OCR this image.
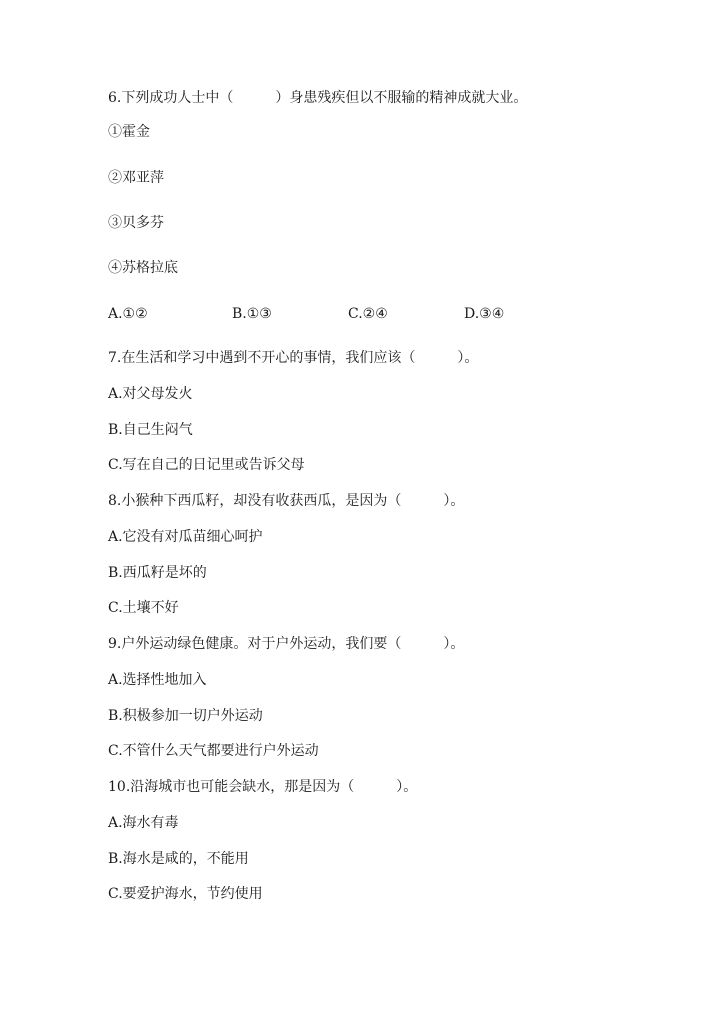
6.下列成功人士中（　　　）身患残疾但以不服输的精神成就大业。

①霍金

②邓亚萍

③贝多芬

④苏格拉底

A.①②	B.①③	C.②④	D.③④

7.在生活和学习中遇到不开心的事情，我们应该（　　　）。

A.对父母发火

B.自己生闷气

C.写在自己的日记里或告诉父母

8.小猴种下西瓜籽，却没有收获西瓜，是因为（　　　）。

A.它没有对瓜苗细心呵护

B.西瓜籽是坏的

C.土壤不好

9.户外运动绿色健康。对于户外运动，我们要（　　　）。

A.选择性地加入

B.积极参加一切户外运动

C.不管什么天气都要进行户外运动

10.沿海城市也可能会缺水，那是因为（　　　）。

A.海水有毒

B.海水是咸的，不能用

C.要爱护海水，节约使用
